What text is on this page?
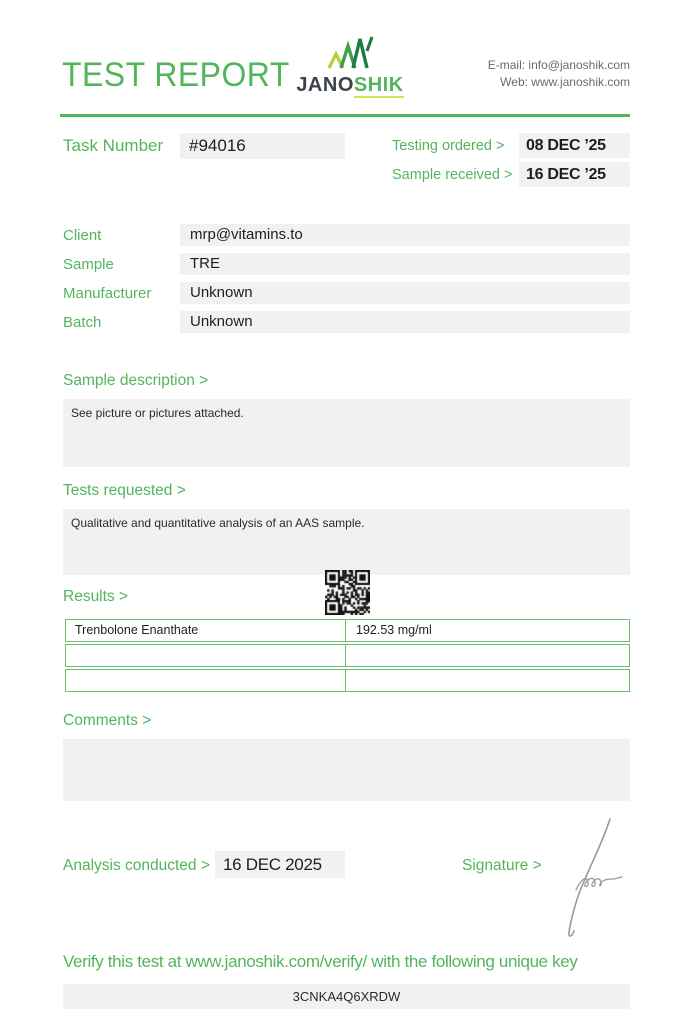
TEST REPORT JANOSHIK
E-mail: info@janoshik.com
Web: www.janoshik.com
Task Number	#94016	Testing ordered >	08 DEC ’25
Sample received > 16 DEC ’25
Client	mrp@vitamins.to
Sample	TRE
Manufacturer	Unknown
Batch	Unknown
Sample description >
See picture or pictures attached.
Tests requested >
Qualitative and quantitative analysis of an AAS sample.
Results >
Trenbolone Enanthate	192.53 mg/ml
Comments >
Analysis conducted > 16 DEC 2025	Signature >
Verify this test at www.janoshik.com/verify/ with the following unique key
3CNKA4Q6XRDW
